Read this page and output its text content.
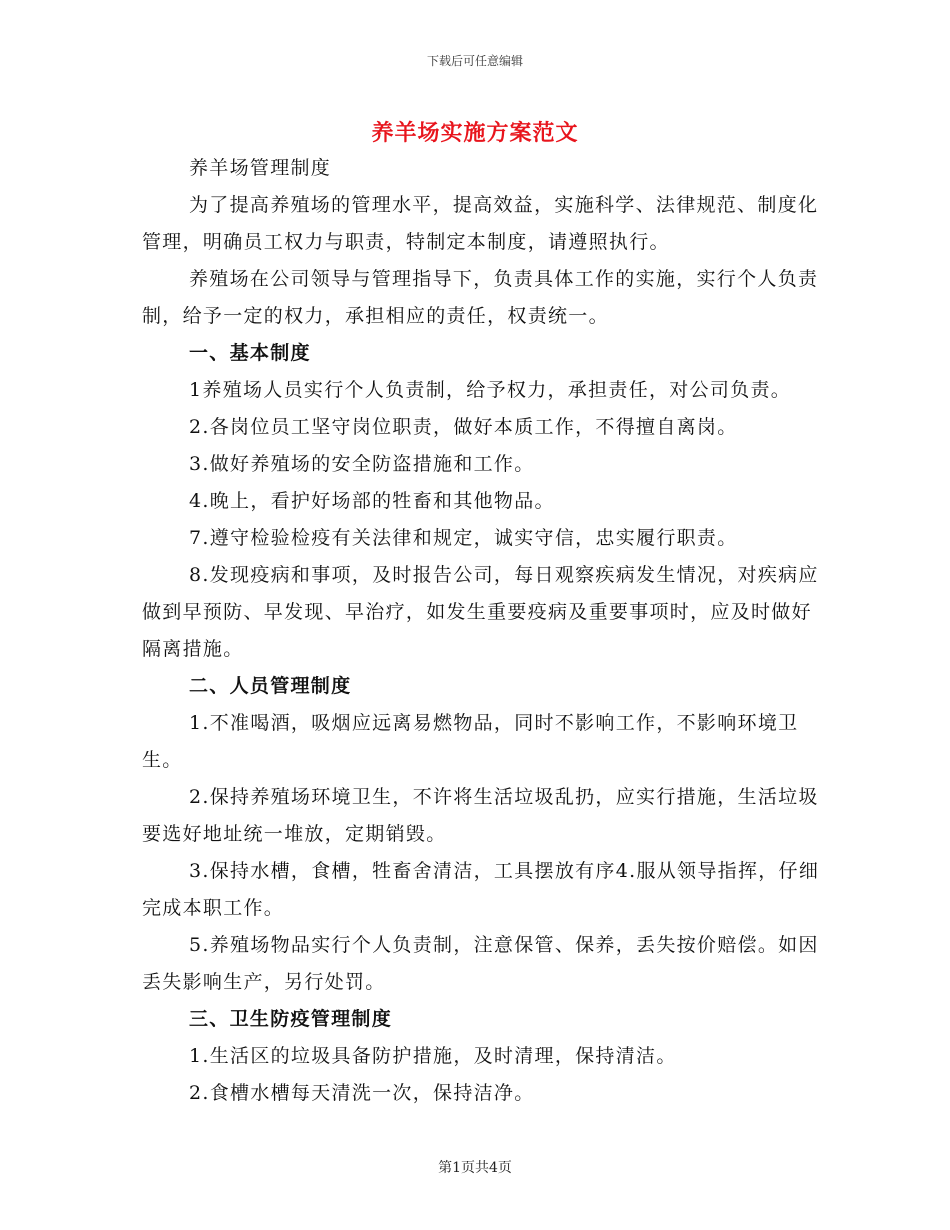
下载后可任意编辑
养羊场实施方案范文

养羊场管理制度

为了提高养殖场的管理水平，提高效益，实施科学、法律规范、制度化管理，明确员工权力与职责，特制定本制度，请遵照执行。

养殖场在公司领导与管理指导下，负责具体工作的实施，实行个人负责制，给予一定的权力，承担相应的责任，权责统一。

一、基本制度

1养殖场人员实行个人负责制，给予权力，承担责任，对公司负责。

2.各岗位员工坚守岗位职责，做好本质工作，不得擅自离岗。

3.做好养殖场的安全防盗措施和工作。

4.晚上，看护好场部的牲畜和其他物品。

7.遵守检验检疫有关法律和规定，诚实守信，忠实履行职责。

8.发现疫病和事项，及时报告公司，每日观察疾病发生情况，对疾病应做到早预防、早发现、早治疗，如发生重要疫病及重要事项时，应及时做好隔离措施。

二、人员管理制度

1.不准喝酒，吸烟应远离易燃物品，同时不影响工作，不影响环境卫生。

2.保持养殖场环境卫生，不许将生活垃圾乱扔，应实行措施，生活垃圾要选好地址统一堆放，定期销毁。

3.保持水槽，食槽，牲畜舍清洁，工具摆放有序4.服从领导指挥，仔细完成本职工作。

5.养殖场物品实行个人负责制，注意保管、保养，丢失按价赔偿。如因丢失影响生产，另行处罚。

三、卫生防疫管理制度

1.生活区的垃圾具备防护措施，及时清理，保持清洁。

2.食槽水槽每天清洗一次，保持洁净。

第1页共4页
